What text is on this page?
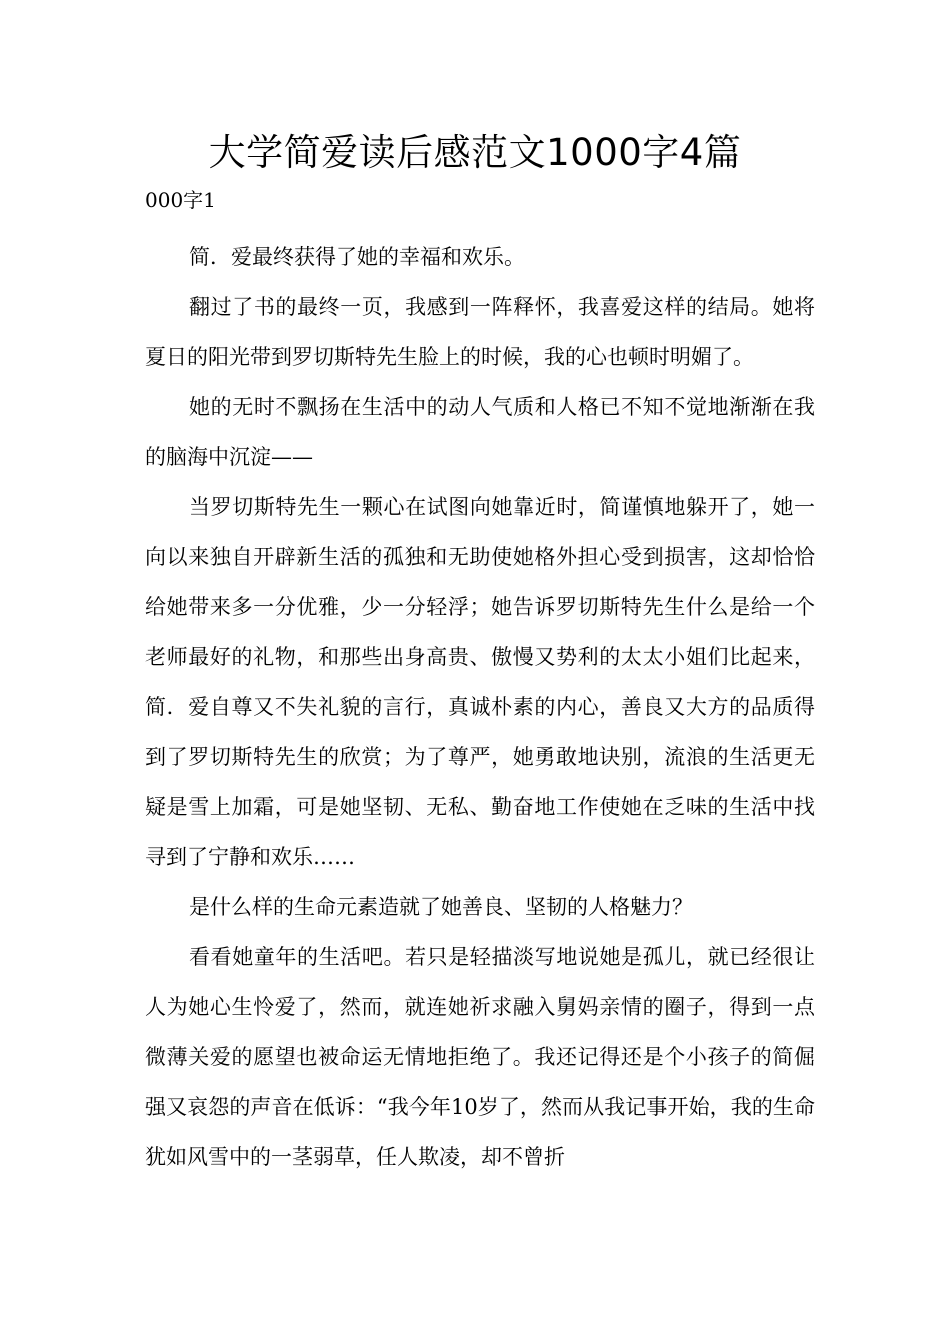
大学简爱读后感范文1000字4篇
000字1

简．爱最终获得了她的幸福和欢乐。

翻过了书的最终一页，我感到一阵释怀，我喜爱这样的结局。她将夏日的阳光带到罗切斯特先生脸上的时候，我的心也顿时明媚了。

她的无时不飘扬在生活中的动人气质和人格已不知不觉地渐渐在我的脑海中沉淀——

当罗切斯特先生一颗心在试图向她靠近时，简谨慎地躲开了，她一向以来独自开辟新生活的孤独和无助使她格外担心受到损害，这却恰恰给她带来多一分优雅，少一分轻浮；她告诉罗切斯特先生什么是给一个老师最好的礼物，和那些出身高贵、傲慢又势利的太太小姐们比起来，简．爱自尊又不失礼貌的言行，真诚朴素的内心，善良又大方的品质得到了罗切斯特先生的欣赏；为了尊严，她勇敢地诀别，流浪的生活更无疑是雪上加霜，可是她坚韧、无私、勤奋地工作使她在乏味的生活中找寻到了宁静和欢乐……

是什么样的生命元素造就了她善良、坚韧的人格魅力？

看看她童年的生活吧。若只是轻描淡写地说她是孤儿，就已经很让人为她心生怜爱了，然而，就连她祈求融入舅妈亲情的圈子，得到一点微薄关爱的愿望也被命运无情地拒绝了。我还记得还是个小孩子的简倔强又哀怨的声音在低诉：“我今年10岁了，然而从我记事开始，我的生命犹如风雪中的一茎弱草，任人欺凌，却不曾折
